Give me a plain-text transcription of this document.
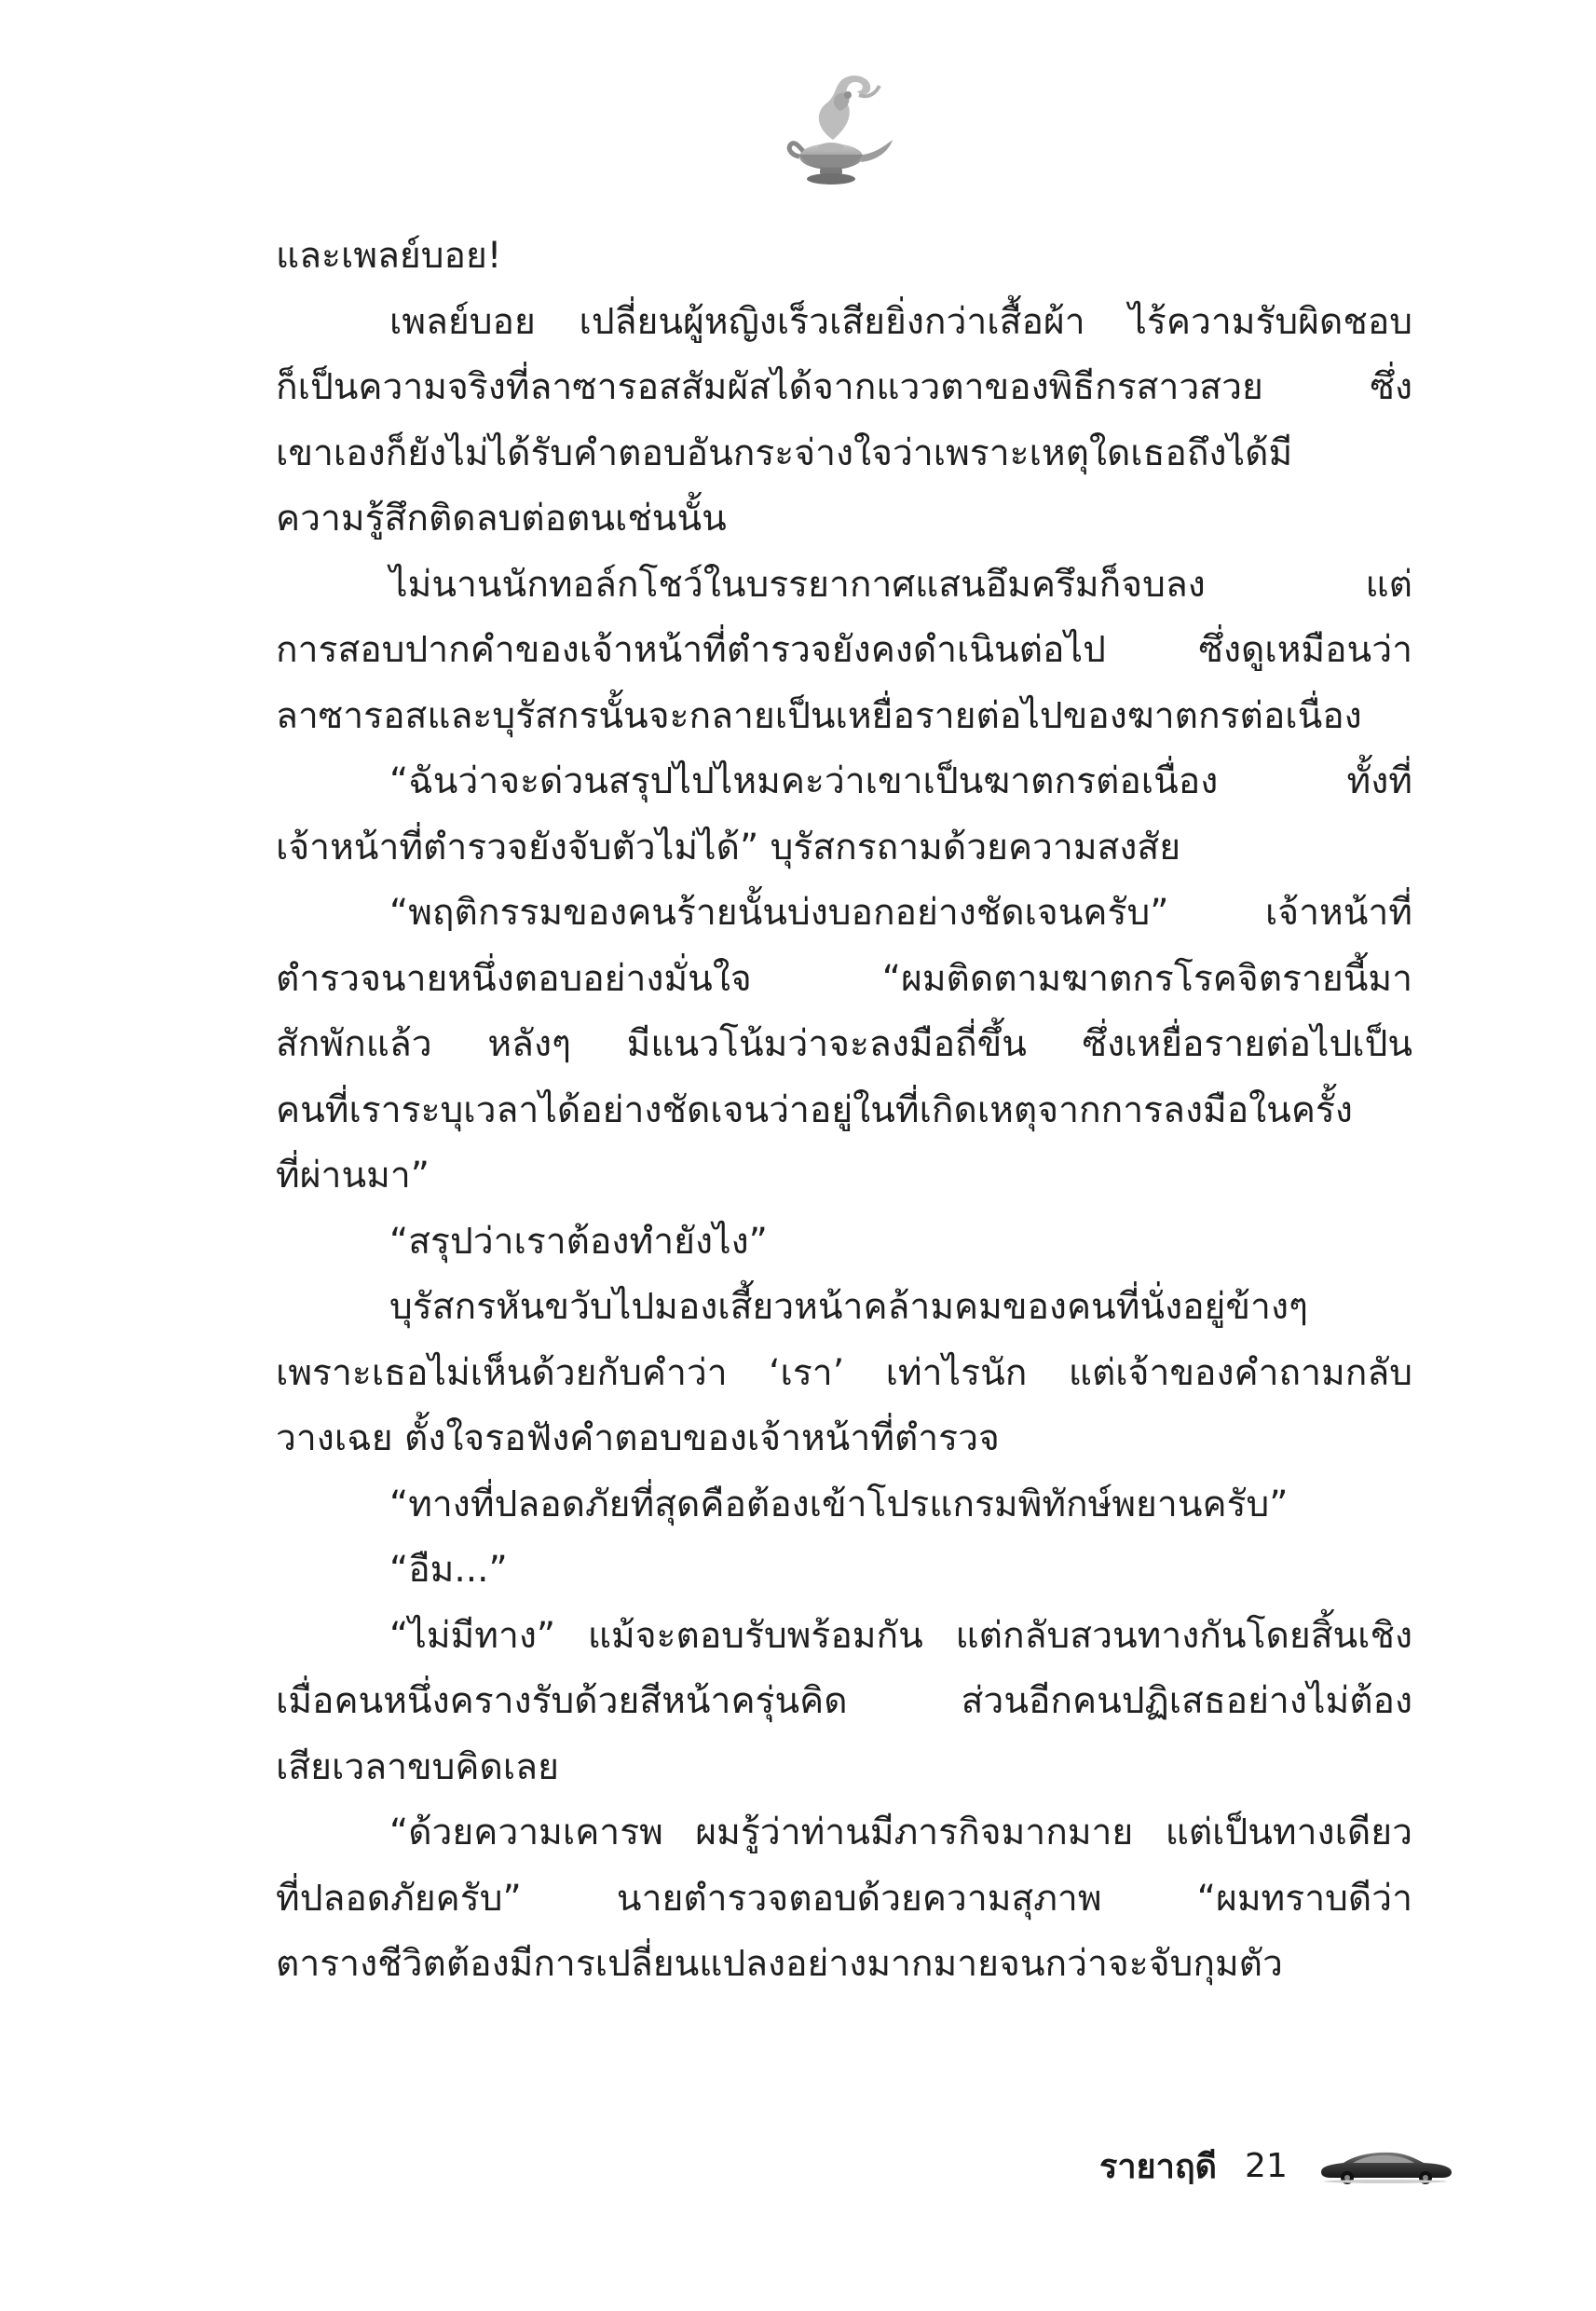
และเพลย์บอย!
เพลย์บอย เปลี่ยนผู้หญิงเร็วเสียยิ่งกว่าเสื้อผ้า ไร้ความรับผิดชอบ
ก็เป็นความจริงที่ลาซารอสสัมผัสได้จากแววตาของพิธีกรสาวสวย ซึ่ง
เขาเองก็ยังไม่ได้รับคำตอบอันกระจ่างใจว่าเพราะเหตุใดเธอถึงได้มี
ความรู้สึกติดลบต่อตนเช่นนั้น
ไม่นานนักทอล์กโชว์ในบรรยากาศแสนอึมครึมก็จบลง แต่
การสอบปากคำของเจ้าหน้าที่ตำรวจยังคงดำเนินต่อไป ซึ่งดูเหมือนว่า
ลาซารอสและบุรัสกรนั้นจะกลายเป็นเหยื่อรายต่อไปของฆาตกรต่อเนื่อง
“ฉันว่าจะด่วนสรุปไปไหมคะว่าเขาเป็นฆาตกรต่อเนื่อง ทั้งที่
เจ้าหน้าที่ตำรวจยังจับตัวไม่ได้” บุรัสกรถามด้วยความสงสัย
“พฤติกรรมของคนร้ายนั้นบ่งบอกอย่างชัดเจนครับ” เจ้าหน้าที่
ตำรวจนายหนึ่งตอบอย่างมั่นใจ “ผมติดตามฆาตกรโรคจิตรายนี้มา
สักพักแล้ว หลังๆ มีแนวโน้มว่าจะลงมือถี่ขึ้น ซึ่งเหยื่อรายต่อไปเป็น
คนที่เราระบุเวลาได้อย่างชัดเจนว่าอยู่ในที่เกิดเหตุจากการลงมือในครั้ง
ที่ผ่านมา”
“สรุปว่าเราต้องทำยังไง”
บุรัสกรหันขวับไปมองเสี้ยวหน้าคล้ามคมของคนที่นั่งอยู่ข้างๆ
เพราะเธอไม่เห็นด้วยกับคำว่า ‘เรา’ เท่าไรนัก แต่เจ้าของคำถามกลับ
วางเฉย ตั้งใจรอฟังคำตอบของเจ้าหน้าที่ตำรวจ
“ทางที่ปลอดภัยที่สุดคือต้องเข้าโปรแกรมพิทักษ์พยานครับ”
“อืม...”
“ไม่มีทาง” แม้จะตอบรับพร้อมกัน แต่กลับสวนทางกันโดยสิ้นเชิง
เมื่อคนหนึ่งครางรับด้วยสีหน้าครุ่นคิด ส่วนอีกคนปฏิเสธอย่างไม่ต้อง
เสียเวลาขบคิดเลย
“ด้วยความเคารพ ผมรู้ว่าท่านมีภารกิจมากมาย แต่เป็นทางเดียว
ที่ปลอดภัยครับ” นายตำรวจตอบด้วยความสุภาพ “ผมทราบดีว่า
ตารางชีวิตต้องมีการเปลี่ยนแปลงอย่างมากมายจนกว่าจะจับกุมตัว
รายาฤดี 21
